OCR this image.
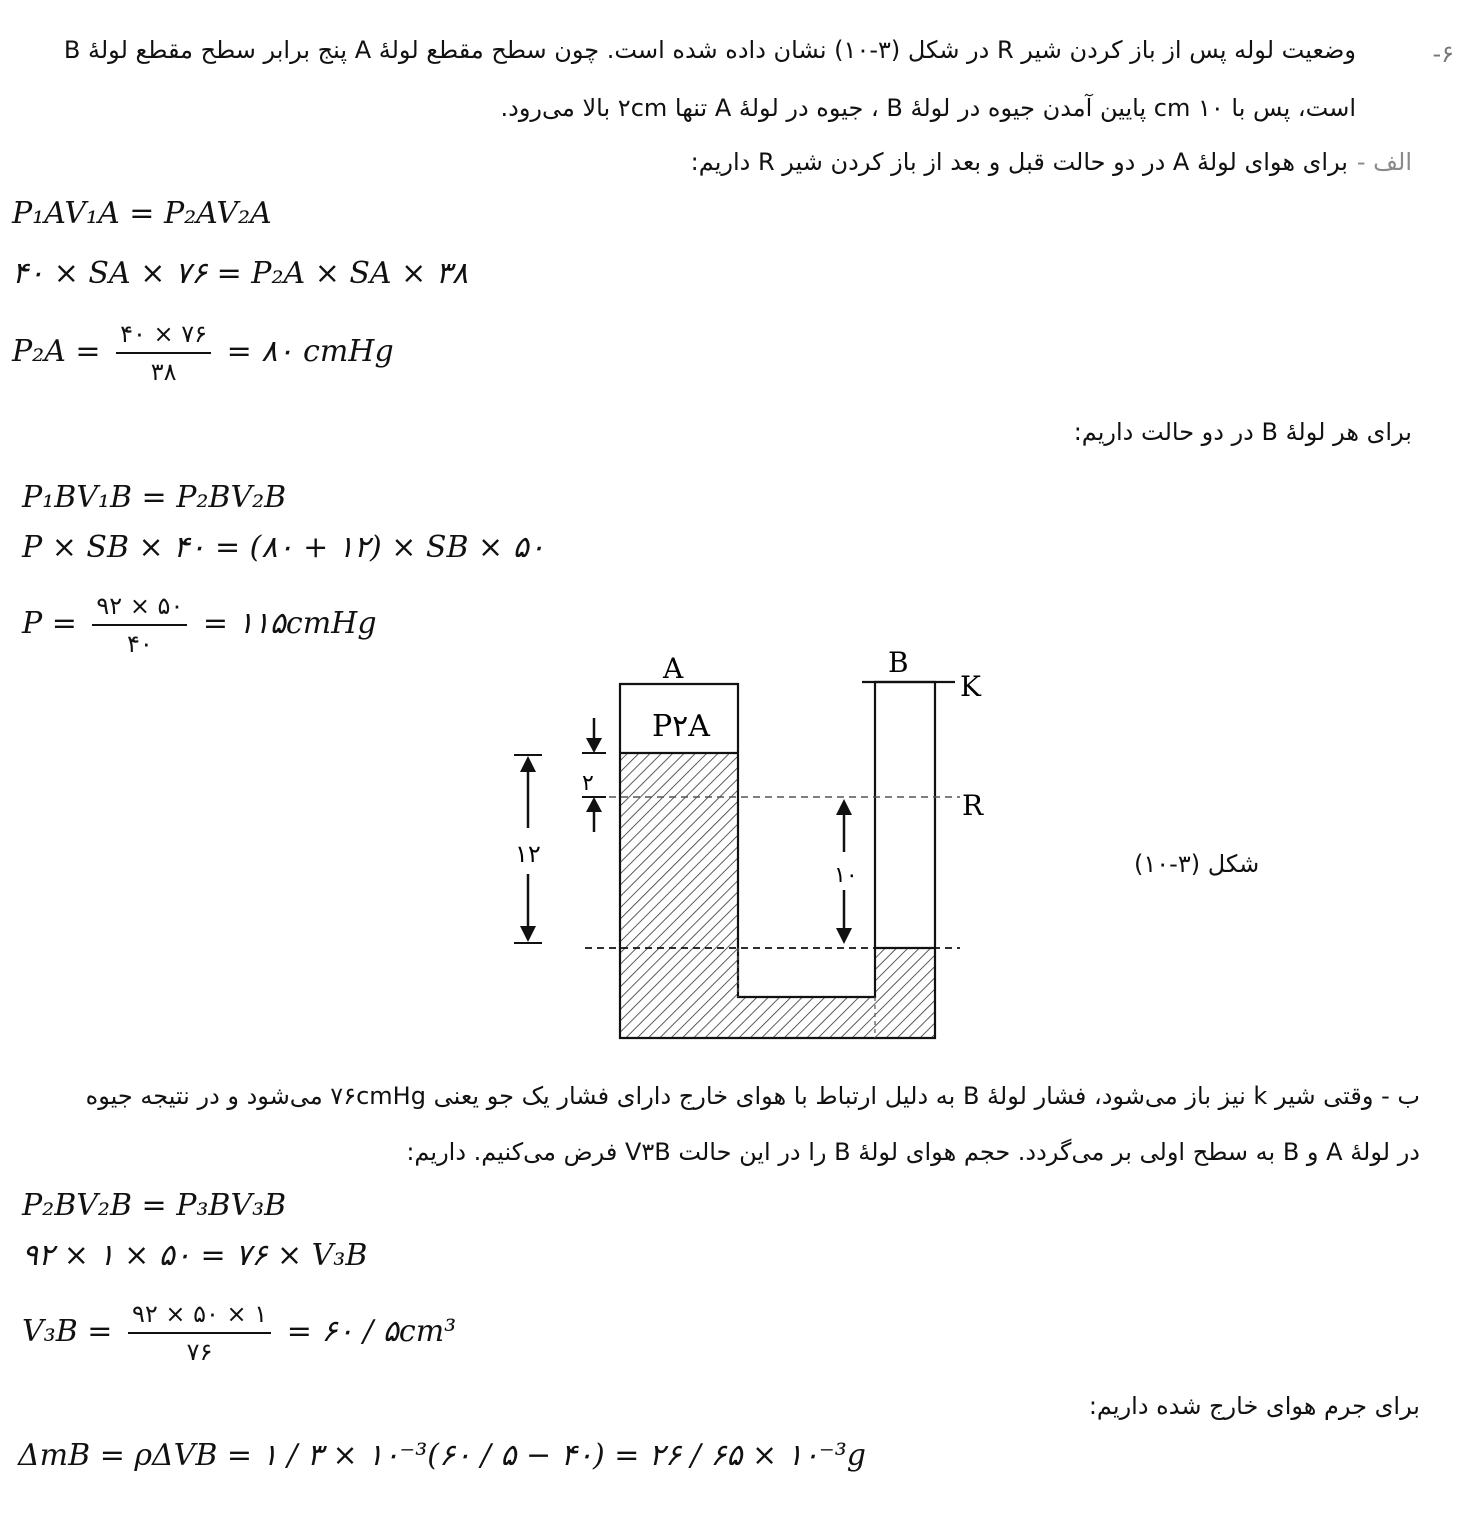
۶-
وضعیت لوله پس از باز کردن شیر R در شکل (۳-۱۰) نشان داده شده است. چون سطح مقطع لولهٔ A پنج برابر سطح مقطع لولهٔ B
است، پس با ۱۰ cm پایین آمدن جیوه در لولهٔ B ، جیوه در لولهٔ A تنها ۲cm بالا می‌رود.
الف -
برای هوای لولهٔ A در دو حالت قبل و بعد از باز کردن شیر R داریم:
P₁AV₁A = P₂AV₂A
۴۰ × SA × ۷۶ = P₂A × SA × ۳۸
$P_2A = \frac{۴۰ \times ۷۶}{۳۸}$ = ۸۰ cmHg
برای هر لولهٔ B در دو حالت داریم:
P₁BV₁B = P₂BV₂B
P × SB × ۴۰ = (۸۰ + ۱۲) × SB × ۵۰
$P = \frac{۹۲ \times ۵۰}{۴۰}$ = ۱۱۵cmHg
A	B
K
R
P۲A
۲
۱۲
۱۰	شکل (۳-۱۰)
ب - وقتی شیر k نیز باز می‌شود، فشار لولهٔ B به دلیل ارتباط با هوای خارج دارای فشار یک جو یعنی ۷۶cmHg می‌شود و در نتیجه جیوه
در لولهٔ A و B به سطح اولی بر می‌گردد. حجم هوای لولهٔ B را در این حالت V۳B فرض می‌کنیم. داریم:
P₂BV₂B = P₃BV₃B
۹۲ × ۱ × ۵۰ = ۷۶ × V₃B
$V_3B = \frac{۹۲ \times ۵۰ \times ۱}{۷۶}$ = ۶۰ / ۵cm³
برای جرم هوای خارج شده داریم:
ΔmB = ρΔVB = ۱ / ۳ × ۱۰⁻³(۶۰ / ۵ − ۴۰) = ۲۶ / ۶۵ × ۱۰⁻³g
